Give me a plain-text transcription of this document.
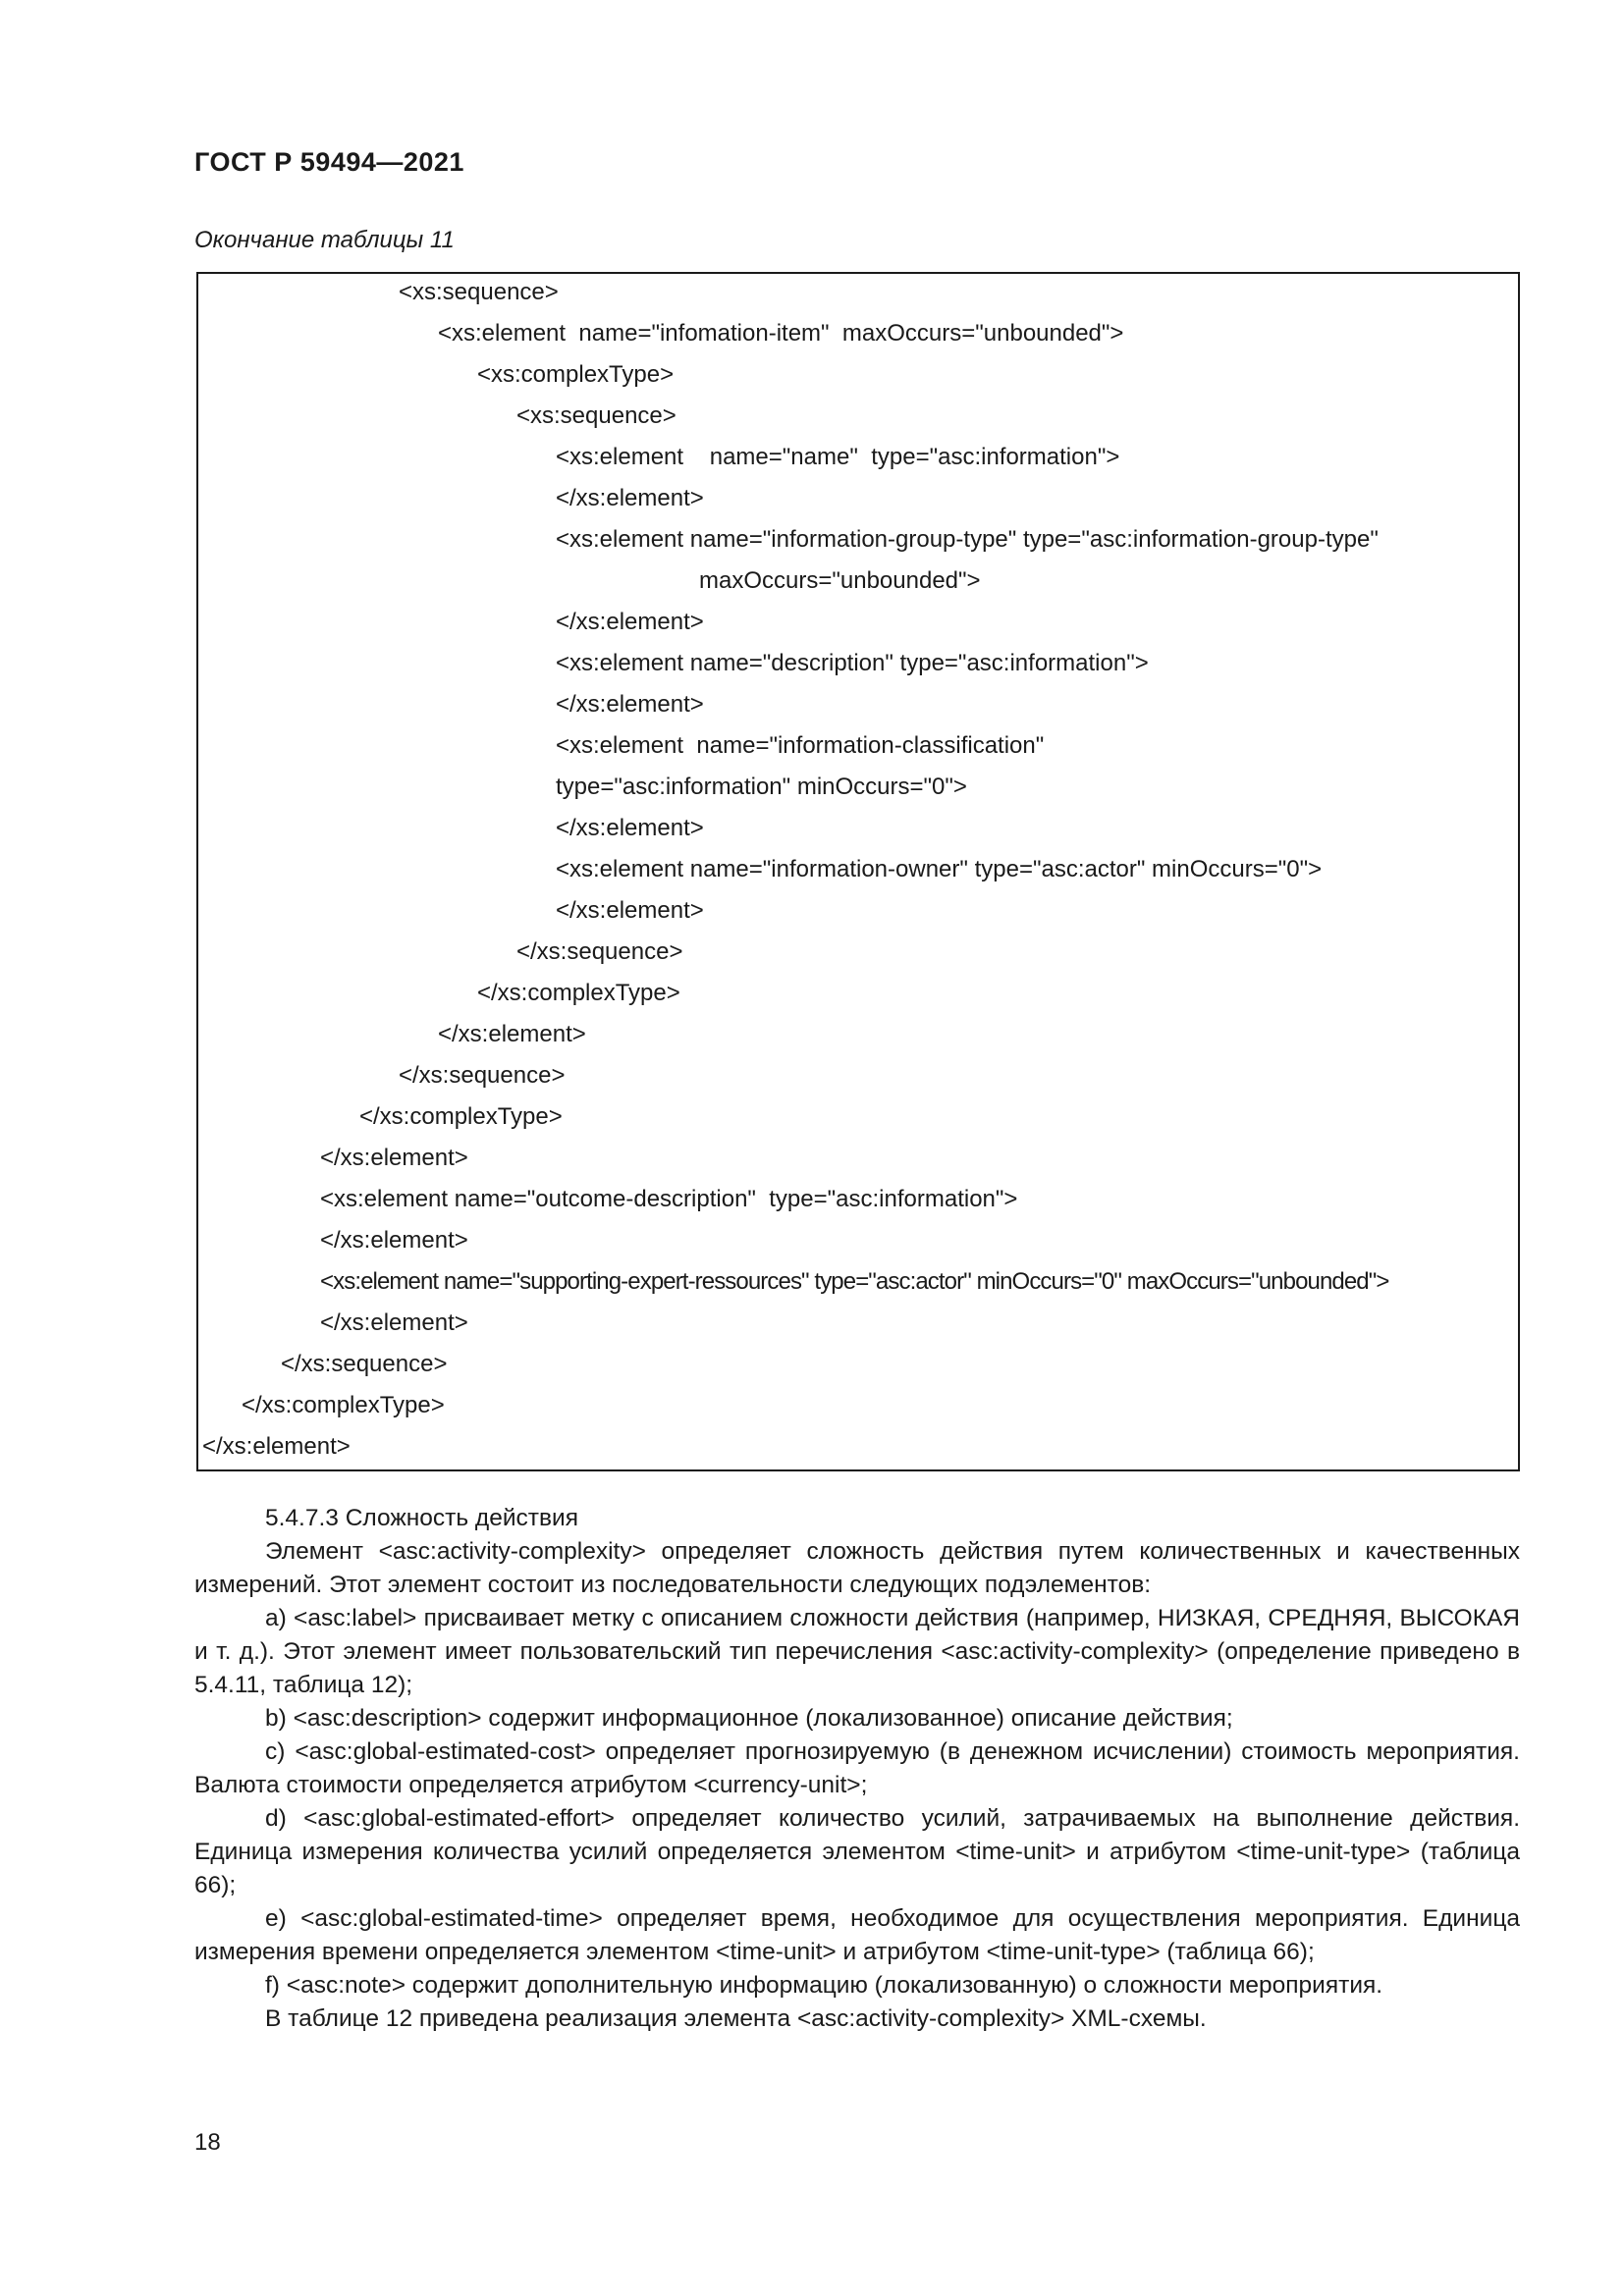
ГОСТ Р 59494—2021
Окончание таблицы 11
<xs:sequence>
<xs:element  name="infomation-item"  maxOccurs="unbounded">
<xs:complexType>
<xs:sequence>
<xs:element    name="name"  type="asc:information">
</xs:element>
<xs:element name="information-group-type" type="asc:information-group-type"
maxOccurs="unbounded">
</xs:element>
<xs:element name="description" type="asc:information">
</xs:element>
<xs:element  name="information-classification"
type="asc:information" minOccurs="0">
</xs:element>
<xs:element name="information-owner" type="asc:actor" minOccurs="0">
</xs:element>
</xs:sequence>
</xs:complexType>
</xs:element>
</xs:sequence>
</xs:complexType>
</xs:element>
<xs:element name="outcome-description"  type="asc:information">
</xs:element>
<xs:element name="supporting-expert-ressources" type="asc:actor" minOccurs="0" maxOccurs="unbounded">
</xs:element>
</xs:sequence>
</xs:complexType>
</xs:element>

5.4.7.3 Сложность действия

Элемент <asc:activity-complexity> определяет сложность действия путем количественных и качественных измерений. Этот элемент состоит из последовательности следующих подэлементов:

a) <asc:label> присваивает метку с описанием сложности действия (например, НИЗКАЯ, СРЕДНЯЯ, ВЫСОКАЯ и т. д.). Этот элемент имеет пользовательский тип перечисления <asc:activity-complexity> (определение приведено в 5.4.11, таблица 12);

b) <asc:description> содержит информационное (локализованное) описание действия;

c) <asc:global-estimated-cost> определяет прогнозируемую (в денежном исчислении) стоимость мероприятия. Валюта стоимости определяется атрибутом <currency-unit>;

d) <asc:global-estimated-effort> определяет количество усилий, затрачиваемых на выполнение действия. Единица измерения количества усилий определяется элементом <time-unit> и атрибутом <time-unit-type> (таблица 66);

e) <asc:global-estimated-time> определяет время, необходимое для осуществления мероприятия. Единица измерения времени определяется элементом <time-unit> и атрибутом <time-unit-type> (таблица 66);

f) <asc:note> содержит дополнительную информацию (локализованную) о сложности мероприятия.

В таблице 12 приведена реализация элемента <asc:activity-complexity> XML-схемы.

18
